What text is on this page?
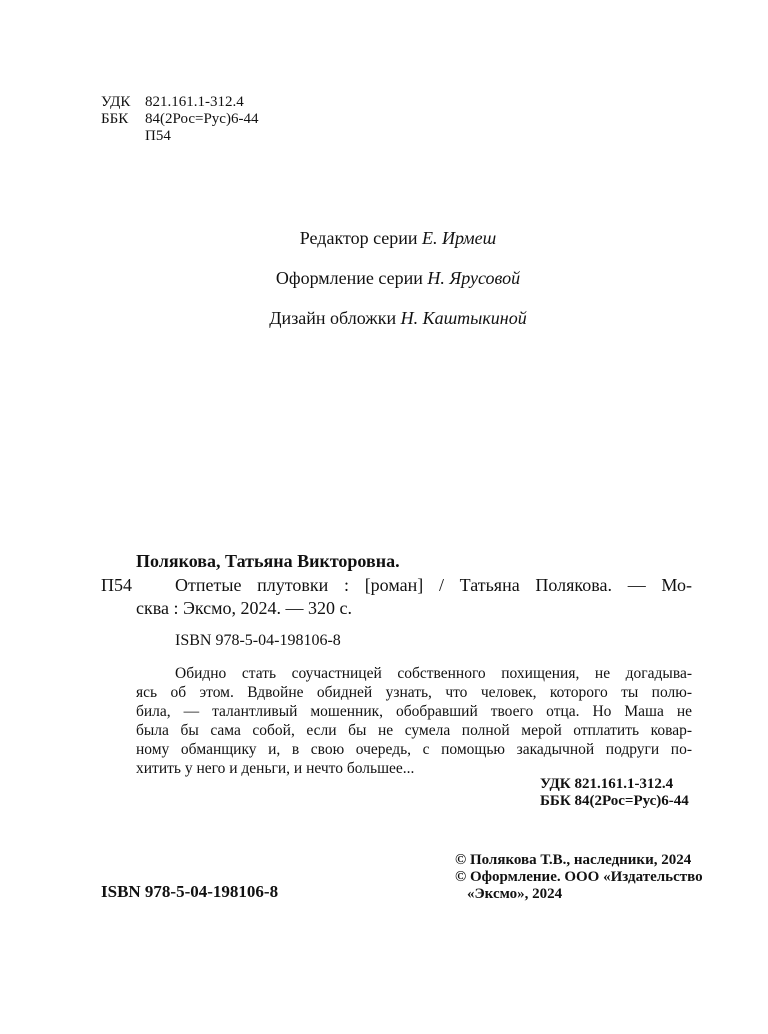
УДК 821.161.1-312.4
ББК 84(2Рос=Рус)6-44
П54
Редактор серии Е. Ирмеш
Оформление серии Н. Ярусовой
Дизайн обложки Н. Каштыкиной
Полякова, Татьяна Викторовна.
П54 Отпетые плутовки : [роман] / Татьяна Полякова. — Мо-
сква : Эксмо, 2024. — 320 с.
ISBN 978-5-04-198106-8
Обидно стать соучастницей собственного похищения, не догадыва-
ясь об этом. Вдвойне обидней узнать, что человек, которого ты полю-
била, — талантливый мошенник, обобравший твоего отца. Но Маша не
была бы сама собой, если бы не сумела полной мерой отплатить ковар-
ному обманщику и, в свою очередь, с помощью закадычной подруги по-
хитить у него и деньги, и нечто большее...
УДК 821.161.1-312.4
ББК 84(2Рос=Рус)6-44
© Полякова Т.В., наследники, 2024
© Оформление. ООО «Издательство
«Эксмо», 2024
ISBN 978-5-04-198106-8
